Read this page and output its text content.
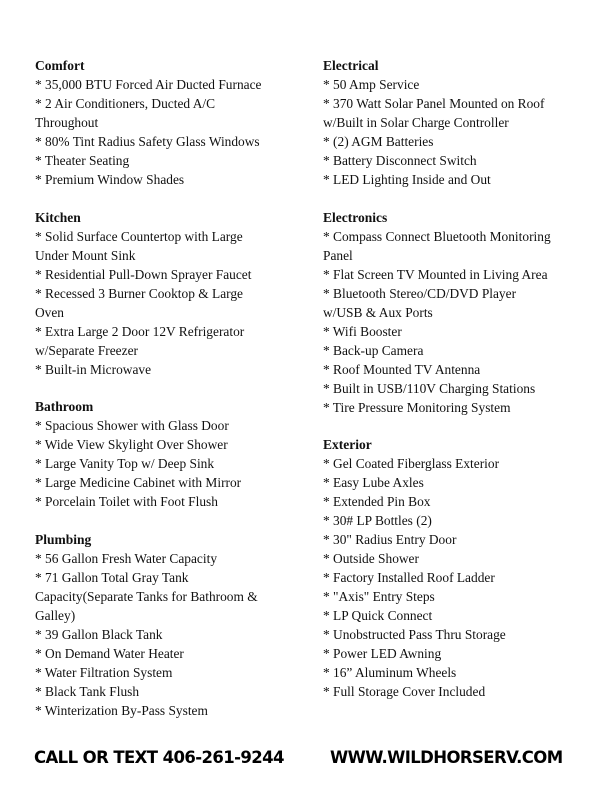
Comfort
* 35,000 BTU Forced Air Ducted Furnace
* 2 Air Conditioners, Ducted A/C
Throughout
* 80% Tint Radius Safety Glass Windows
* Theater Seating
* Premium Window Shades
Kitchen
* Solid Surface Countertop with Large
Under Mount Sink
* Residential Pull-Down Sprayer Faucet
* Recessed 3 Burner Cooktop & Large
Oven
* Extra Large 2 Door 12V Refrigerator
w/Separate Freezer
* Built-in Microwave
Bathroom
* Spacious Shower with Glass Door
* Wide View Skylight Over Shower
* Large Vanity Top w/ Deep Sink
* Large Medicine Cabinet with Mirror
* Porcelain Toilet with Foot Flush
Plumbing
* 56 Gallon Fresh Water Capacity
* 71 Gallon Total Gray Tank
Capacity(Separate Tanks for Bathroom &
Galley)
* 39 Gallon Black Tank
* On Demand Water Heater
* Water Filtration System
* Black Tank Flush
* Winterization By-Pass System
Electrical
* 50 Amp Service
* 370 Watt Solar Panel Mounted on Roof
w/Built in Solar Charge Controller
* (2) AGM Batteries
* Battery Disconnect Switch
* LED Lighting Inside and Out
Electronics
* Compass Connect Bluetooth Monitoring
Panel
* Flat Screen TV Mounted in Living Area
* Bluetooth Stereo/CD/DVD Player
w/USB & Aux Ports
* Wifi Booster
* Back-up Camera
* Roof Mounted TV Antenna
* Built in USB/110V Charging Stations
* Tire Pressure Monitoring System
Exterior
* Gel Coated Fiberglass Exterior
* Easy Lube Axles
* Extended Pin Box
* 30# LP Bottles (2)
* 30" Radius Entry Door
* Outside Shower
* Factory Installed Roof Ladder
* "Axis" Entry Steps
* LP Quick Connect
* Unobstructed Pass Thru Storage
* Power LED Awning
* 16” Aluminum Wheels
* Full Storage Cover Included
CALL OR TEXT 406-261-9244	WWW.WILDHORSERV.COM
